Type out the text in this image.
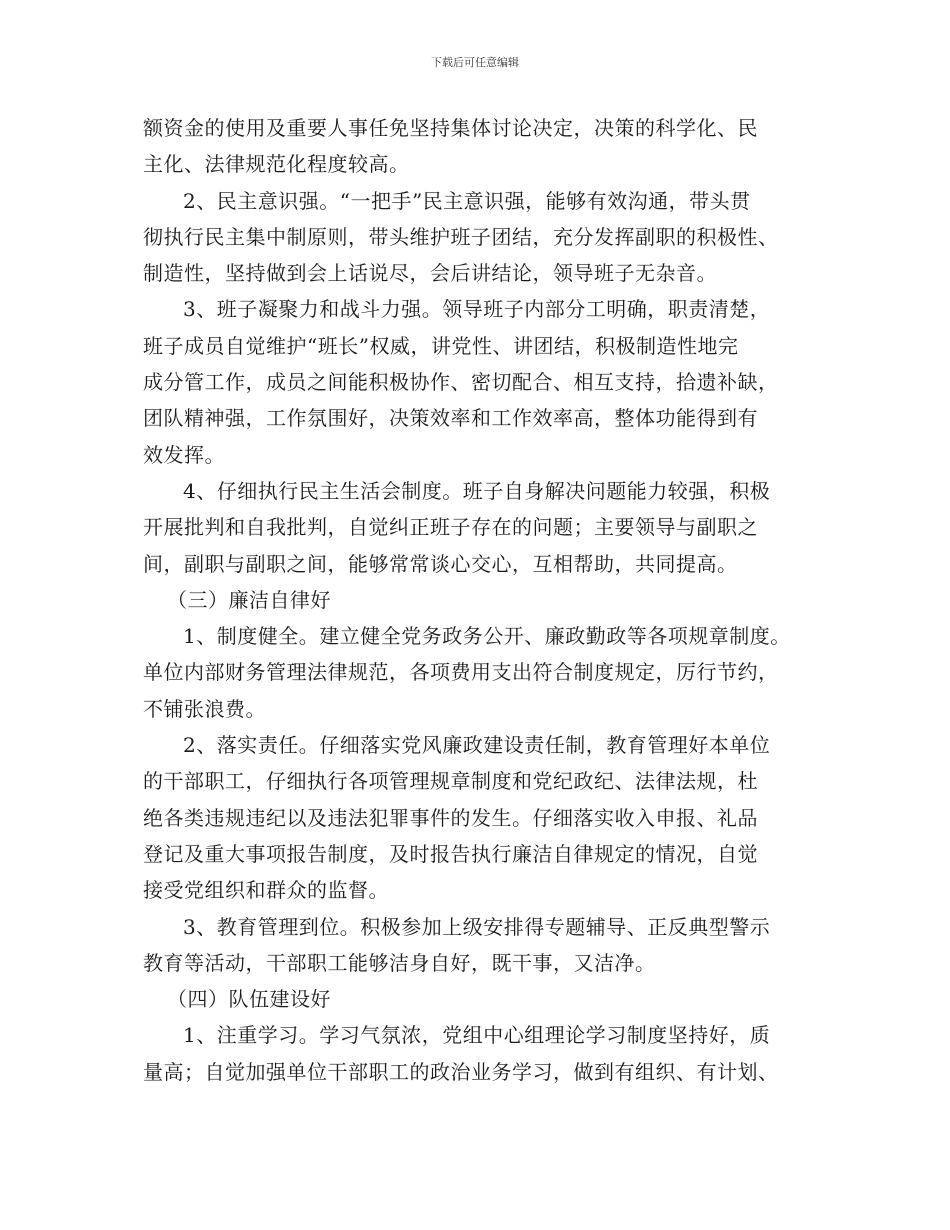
下载后可任意编辑
额资金的使用及重要人事任免坚持集体讨论决定，决策的科学化、民
主化、法律规范化程度较高。
2、民主意识强。“一把手”民主意识强，能够有效沟通，带头贯
彻执行民主集中制原则，带头维护班子团结，充分发挥副职的积极性、
制造性，坚持做到会上话说尽，会后讲结论，领导班子无杂音。
3、班子凝聚力和战斗力强。领导班子内部分工明确，职责清楚，
班子成员自觉维护“班长”权威，讲党性、讲团结，积极制造性地完
成分管工作，成员之间能积极协作、密切配合、相互支持，拾遗补缺，
团队精神强，工作氛围好，决策效率和工作效率高，整体功能得到有
效发挥。
4、仔细执行民主生活会制度。班子自身解决问题能力较强，积极
开展批判和自我批判，自觉纠正班子存在的问题；主要领导与副职之
间，副职与副职之间，能够常常谈心交心，互相帮助，共同提高。
（三）廉洁自律好
1、制度健全。建立健全党务政务公开、廉政勤政等各项规章制度。
单位内部财务管理法律规范，各项费用支出符合制度规定，厉行节约，
不铺张浪费。
2、落实责任。仔细落实党风廉政建设责任制，教育管理好本单位
的干部职工，仔细执行各项管理规章制度和党纪政纪、法律法规，杜
绝各类违规违纪以及违法犯罪事件的发生。仔细落实收入申报、礼品
登记及重大事项报告制度，及时报告执行廉洁自律规定的情况，自觉
接受党组织和群众的监督。
3、教育管理到位。积极参加上级安排得专题辅导、正反典型警示
教育等活动，干部职工能够洁身自好，既干事，又洁净。
（四）队伍建设好
1、注重学习。学习气氛浓，党组中心组理论学习制度坚持好，质
量高；自觉加强单位干部职工的政治业务学习，做到有组织、有计划、
